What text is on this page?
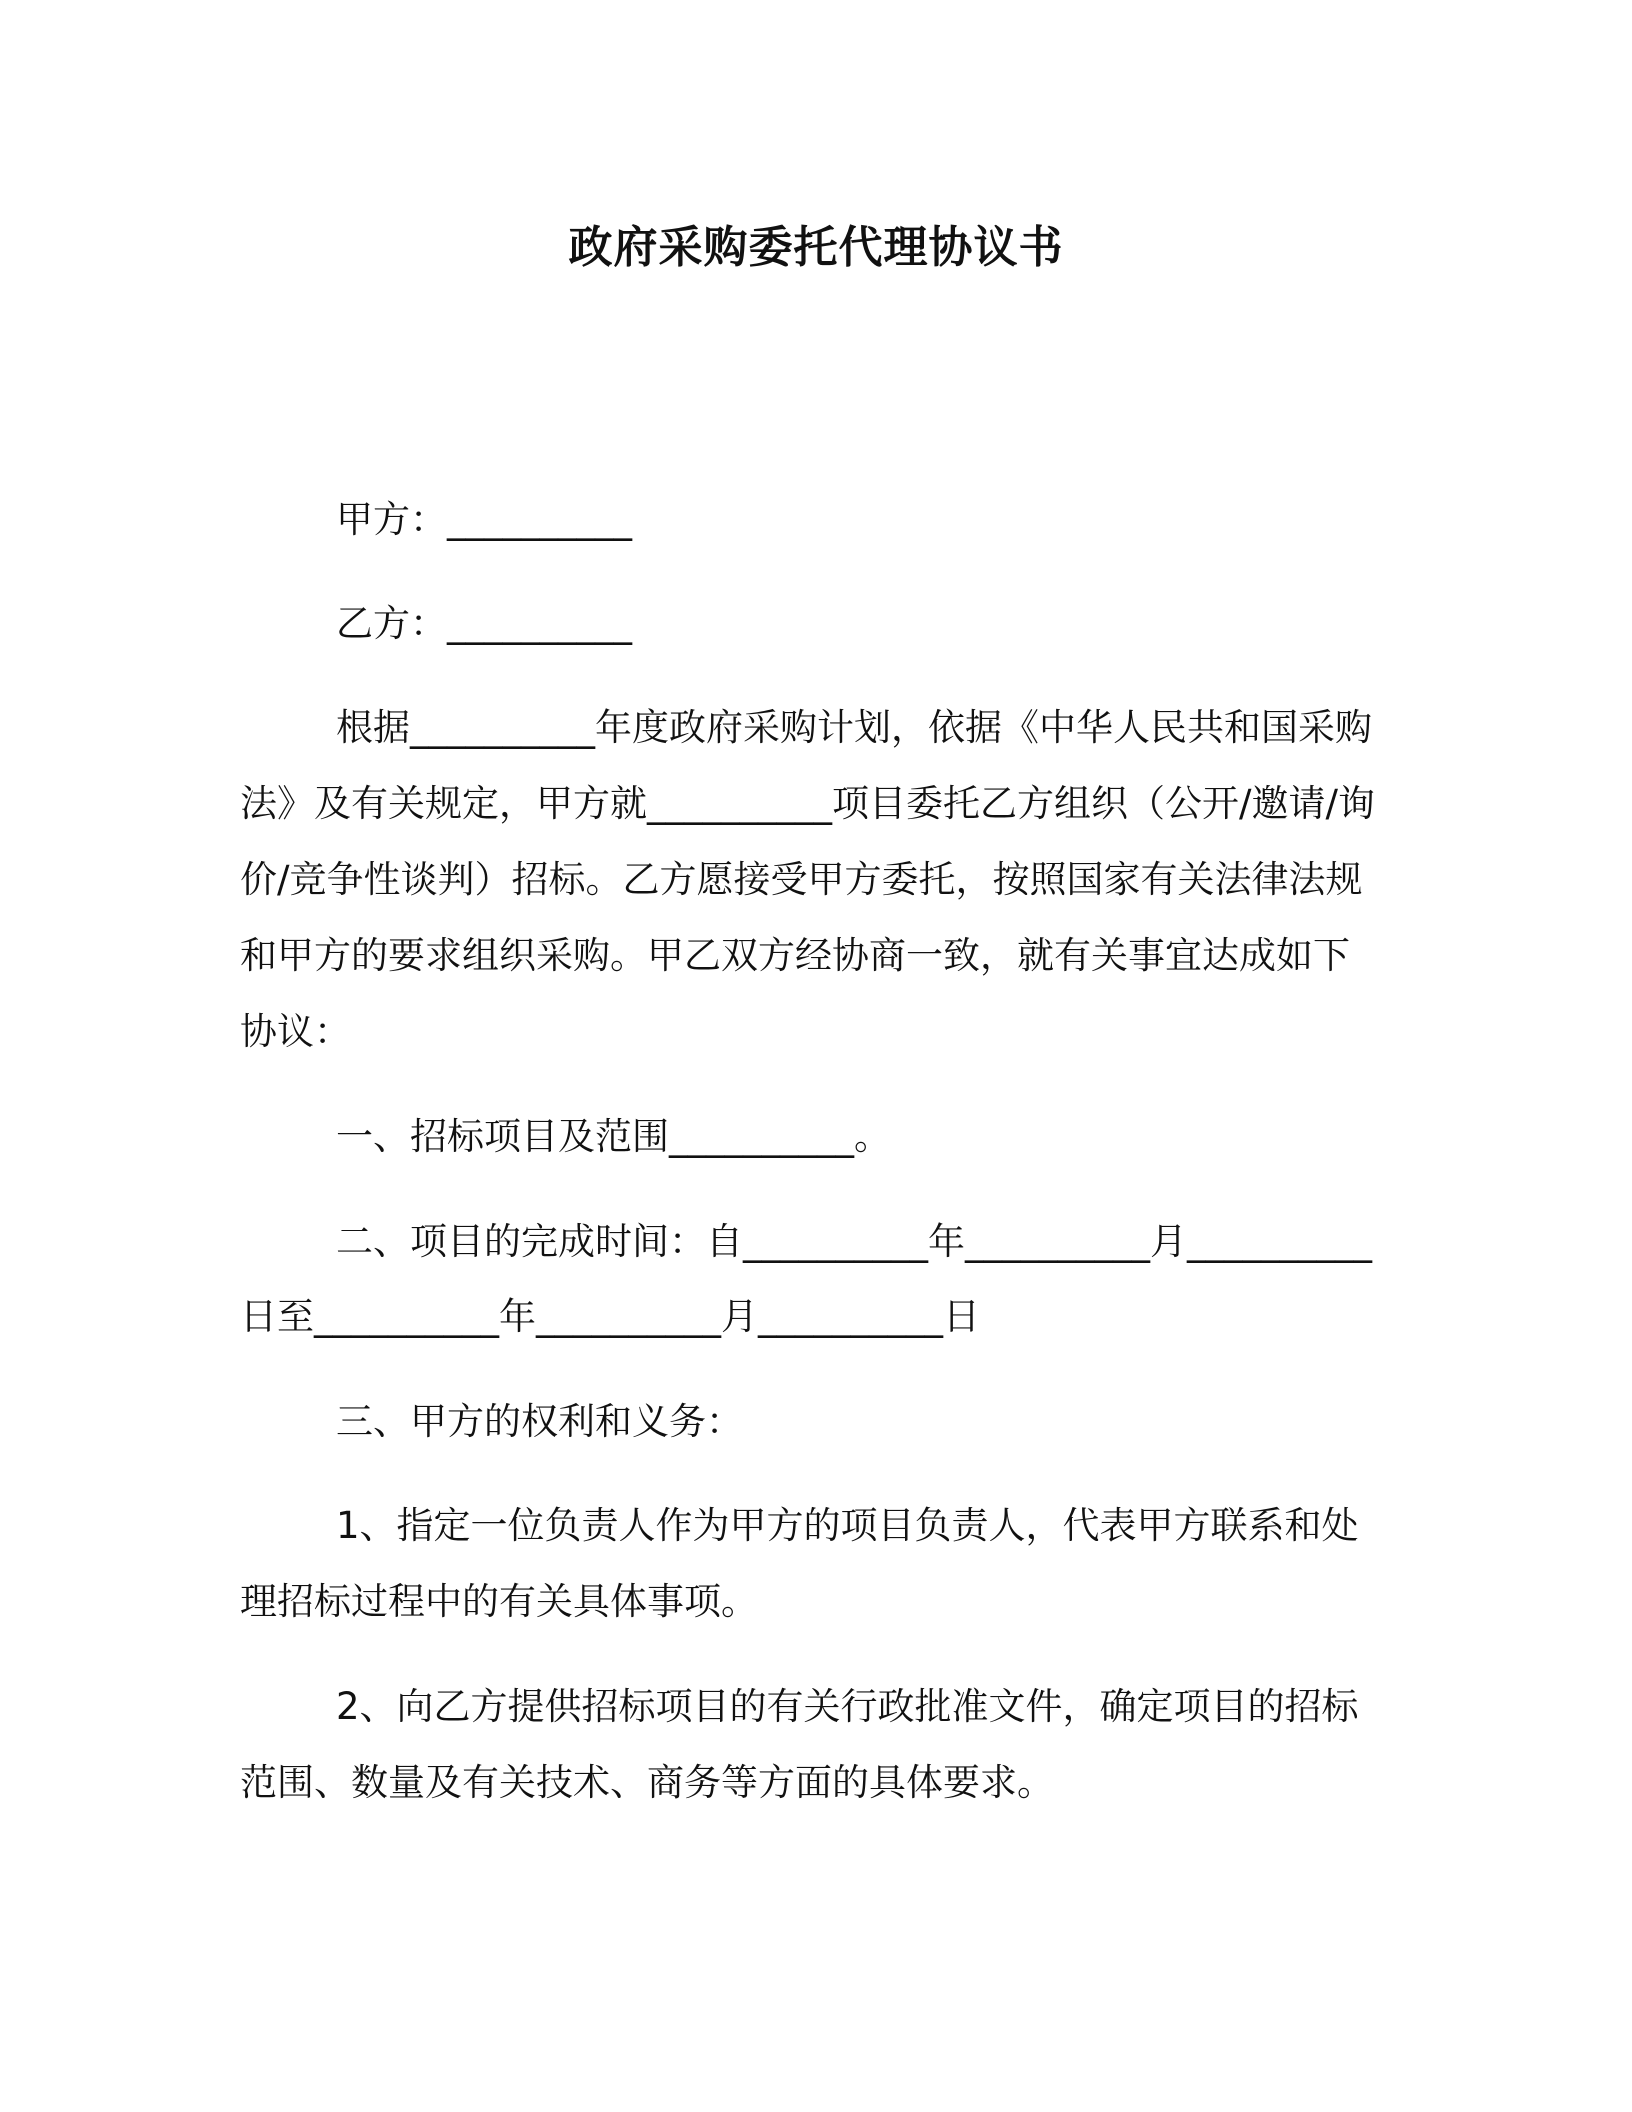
政府采购委托代理协议书
甲方：__________
乙方：__________
根据__________年度政府采购计划，依据《中华人民共和国采购
法》及有关规定，甲方就__________项目委托乙方组织（公开/邀请/询
价/竞争性谈判）招标。乙方愿接受甲方委托，按照国家有关法律法规
和甲方的要求组织采购。甲乙双方经协商一致，就有关事宜达成如下
协议：
一、招标项目及范围__________。
二、项目的完成时间：自__________年__________月__________
日至__________年__________月__________日
三、甲方的权利和义务：
1、指定一位负责人作为甲方的项目负责人，代表甲方联系和处
理招标过程中的有关具体事项。
2、向乙方提供招标项目的有关行政批准文件，确定项目的招标
范围、数量及有关技术、商务等方面的具体要求。
